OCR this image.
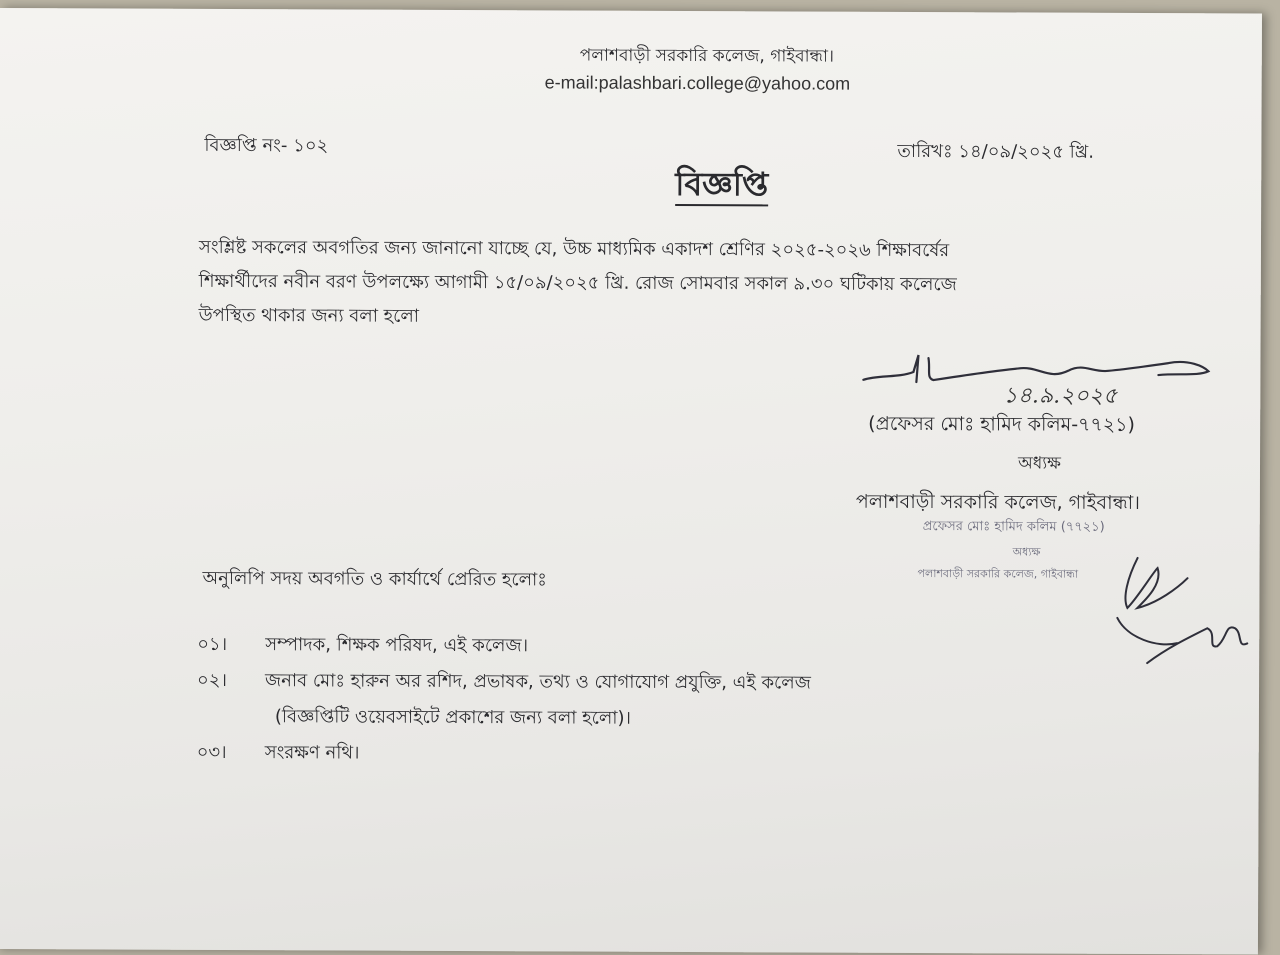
পলাশবাড়ী সরকারি কলেজ, গাইবান্ধা।
e-mail:palashbari.college@yahoo.com
বিজ্ঞপ্তি নং- ১০২	তারিখঃ ১৪/০৯/২০২৫ খ্রি.
বিজ্ঞপ্তি
সংশ্লিষ্ট সকলের অবগতির জন্য জানানো যাচ্ছে যে, উচ্চ মাধ্যমিক একাদশ শ্রেণির ২০২৫-২০২৬ শিক্ষাবর্ষের
শিক্ষার্থীদের নবীন বরণ উপলক্ষ্যে আগামী ১৫/০৯/২০২৫ খ্রি. রোজ সোমবার সকাল ৯.৩০ ঘটিকায় কলেজে
উপস্থিত থাকার জন্য বলা হলো
১৪.৯.২০২৫
(প্রফেসর মোঃ হামিদ কলিম-৭৭২১)
অধ্যক্ষ
পলাশবাড়ী সরকারি কলেজ, গাইবান্ধা।
প্রফেসর মোঃ হামিদ কলিম (৭৭২১)
অধ্যক্ষ
পলাশবাড়ী সরকারি কলেজ, গাইবান্ধা
অনুলিপি সদয় অবগতি ও কার্যার্থে প্রেরিত হলোঃ
০১। সম্পাদক, শিক্ষক পরিষদ, এই কলেজ।
০২। জনাব মোঃ হারুন অর রশিদ, প্রভাষক, তথ্য ও যোগাযোগ প্রযুক্তি, এই কলেজ
(বিজ্ঞপ্তিটি ওয়েবসাইটে প্রকাশের জন্য বলা হলো)।
০৩। সংরক্ষণ নথি।
